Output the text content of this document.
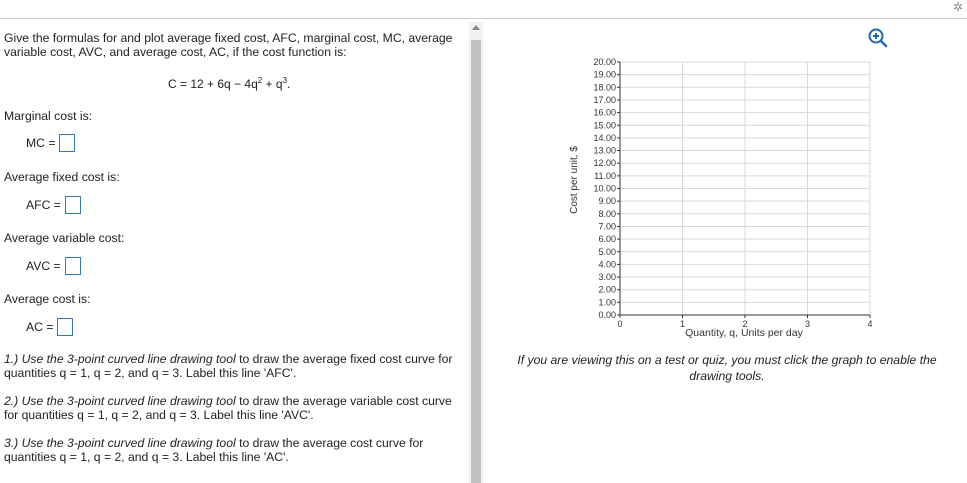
✲
Give the formulas for and plot average fixed cost, AFC, marginal cost, MC, average variable cost, AVC, and average cost, AC, if the cost function is:
$C = 12 + 6q - 4q^2 + q^3$.
Marginal cost is:
MC =
Average fixed cost is:
AFC =
Average variable cost:
AVC =
Average cost is:
AC =
1.) Use the 3-point curved line drawing tool to draw the average fixed cost curve for quantities q = 1, q = 2, and q = 3. Label this line 'AFC'.
2.) Use the 3-point curved line drawing tool to draw the average variable cost curve for quantities q = 1, q = 2, and q = 3. Label this line 'AVC'.
3.) Use the 3-point curved line drawing tool to draw the average cost curve for quantities q = 1, q = 2, and q = 3. Label this line 'AC'.
Cost per unit, $
Quantity, q, Units per day
0.00
1.00
2.00
3.00
4.00
5.00
6.00
7.00
8.00
9.00
10.00
11.00
12.00
13.00
14.00
15.00
16.00
17.00
18.00
19.00
20.00
0	1	2	3	4
If you are viewing this on a test or quiz, you must click the graph to enable the drawing tools.
